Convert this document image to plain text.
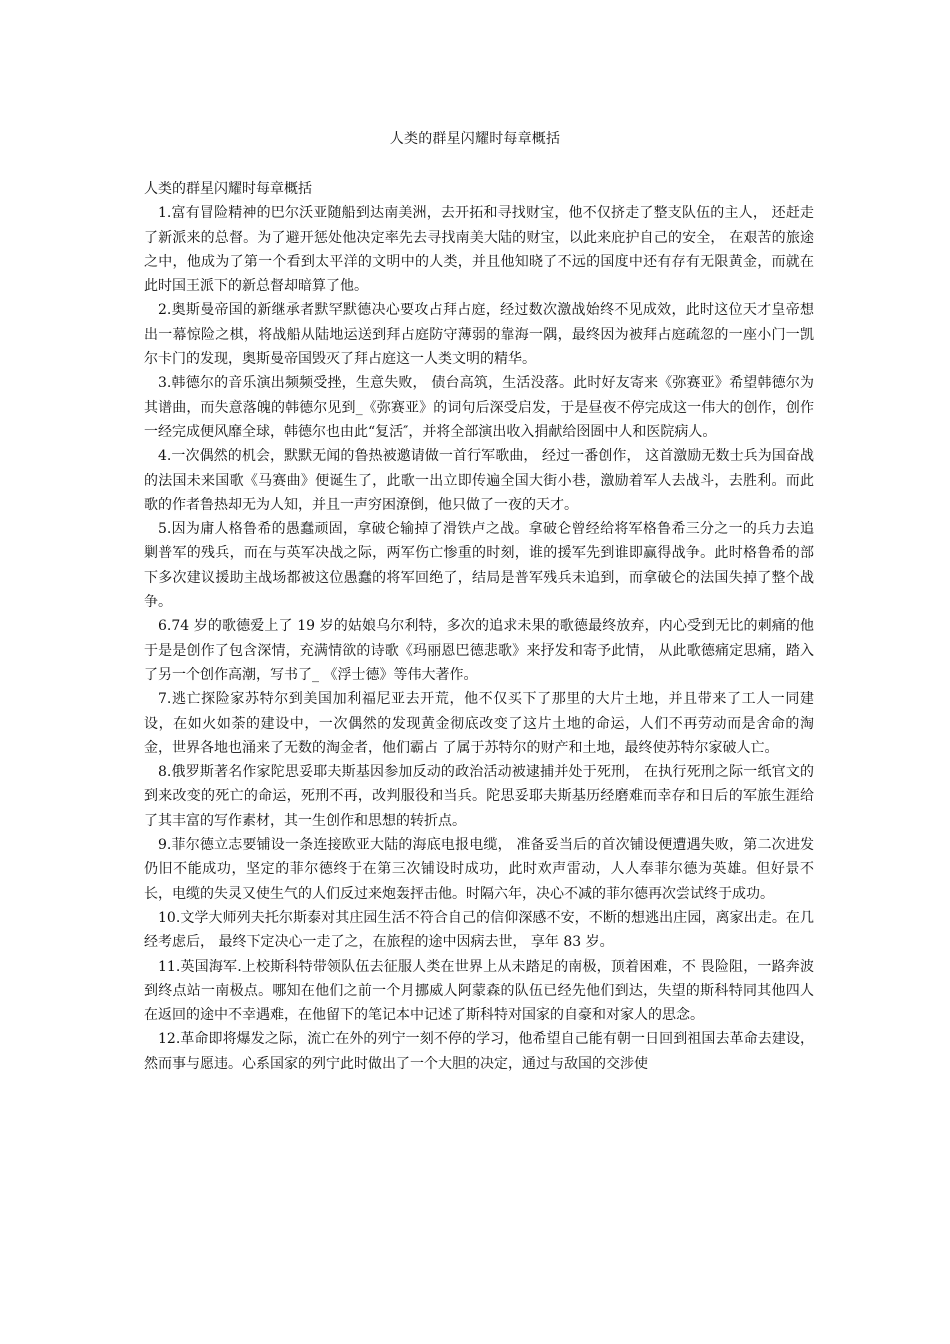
人类的群星闪耀时每章概括

人类的群星闪耀时每章概括

1.富有冒险精神的巴尔沃亚随船到达南美洲，去开拓和寻找财宝，他不仅挤走了整支队伍的主人， 还赶走了新派来的总督。为了避开惩处他决定率先去寻找南美大陆的财宝，以此来庇护自己的安全， 在艰苦的旅途之中，他成为了第一个看到太平洋的文明中的人类，并且他知晓了不远的国度中还有存有无限黄金，而就在此时国王派下的新总督却暗算了他。

2.奥斯曼帝国的新继承者默罕默德决心要攻占拜占庭，经过数次激战始终不见成效，此时这位天才皇帝想出一幕惊险之棋，将战船从陆地运送到拜占庭防守薄弱的靠海一隅，最终因为被拜占庭疏忽的一座小门一凯尔卡门的发现，奥斯曼帝国毁灭了拜占庭这一人类文明的精华。

3.韩德尔的音乐演出频频受挫，生意失败， 债台高筑，生活没落。此时好友寄来《弥赛亚》希望韩德尔为其谱曲，而失意落魄的韩德尔见到_《弥赛亚》的词句后深受启发，于是昼夜不停完成这一伟大的创作，创作一经完成便风靡全球，韩德尔也由此“复活″，并将全部演出收入捐献给囹圄中人和医院病人。

4.一次偶然的机会，默默无闻的鲁热被邀请做一首行军歌曲， 经过一番创作， 这首激励无数士兵为国奋战的法国未来国歌《马赛曲》便诞生了，此歌一出立即传遍全国大街小巷，激励着军人去战斗，去胜利。而此歌的作者鲁热却无为人知，并且一声穷困潦倒，他只做了一夜的天才。

5.因为庸人格鲁希的愚蠢顽固，拿破仑输掉了滑铁卢之战。拿破仑曾经给将军格鲁希三分之一的兵力去追剿普军的残兵，而在与英军决战之际，两军伤亡惨重的时刻，谁的援军先到谁即赢得战争。此时格鲁希的部下多次建议援助主战场都被这位愚蠢的将军回绝了，结局是普军残兵未追到，而拿破仑的法国失掉了整个战争。

6.74 岁的歌德爱上了 19 岁的姑娘乌尔利特，多次的追求未果的歌德最终放弃，内心受到无比的刺痛的他于是是创作了包含深情，充满情欲的诗歌《玛丽恩巴德悲歌》来抒发和寄予此情， 从此歌德痛定思痛，踏入了另一个创作高潮，写书了_ 《浮士德》等伟大著作。

7.逃亡探险家苏特尔到美国加利福尼亚去开荒，他不仅买下了那里的大片土地，并且带来了工人一同建设，在如火如荼的建设中，一次偶然的发现黄金彻底改变了这片土地的命运，人们不再劳动而是舍命的淘金，世界各地也涌来了无数的淘金者，他们霸占 了属于苏特尔的财产和土地，最终使苏特尔家破人亡。

8.俄罗斯著名作家陀思妥耶夫斯基因参加反动的政治活动被逮捕并处于死刑， 在执行死刑之际一纸官文的到来改变的死亡的命运，死刑不再，改判服役和当兵。陀思妥耶夫斯基历经磨难而幸存和日后的军旅生涯给了其丰富的写作素材，其一生创作和思想的转折点。

9.菲尔德立志要铺设一条连接欧亚大陆的海底电报电缆， 准备妥当后的首次铺设便遭遇失败，第二次进发仍旧不能成功，坚定的菲尔德终于在第三次铺设时成功，此时欢声雷动，人人奉菲尔德为英雄。但好景不长，电缆的失灵又使生气的人们反过来炮轰抨击他。时隔六年，决心不减的菲尔德再次尝试终于成功。

10.文学大师列夫托尔斯泰对其庄园生活不符合自己的信仰深感不安，不断的想逃出庄园，离家出走。在几经考虑后， 最终下定决心一走了之，在旅程的途中因病去世， 享年 83 岁。

11.英国海军.上校斯科特带领队伍去征服人类在世界上从未踏足的南极，顶着困难，不 畏险阻，一路奔波到终点站一南极点。哪知在他们之前一个月挪威人阿蒙森的队伍已经先他们到达，失望的斯科特同其他四人在返回的途中不幸遇难，在他留下的笔记本中记述了斯科特对国家的自豪和对家人的思念。

12.革命即将爆发之际，流亡在外的列宁一刻不停的学习，他希望自己能有朝一日回到祖国去革命去建设，然而事与愿违。心系国家的列宁此时做出了一个大胆的决定，通过与敌国的交涉使
